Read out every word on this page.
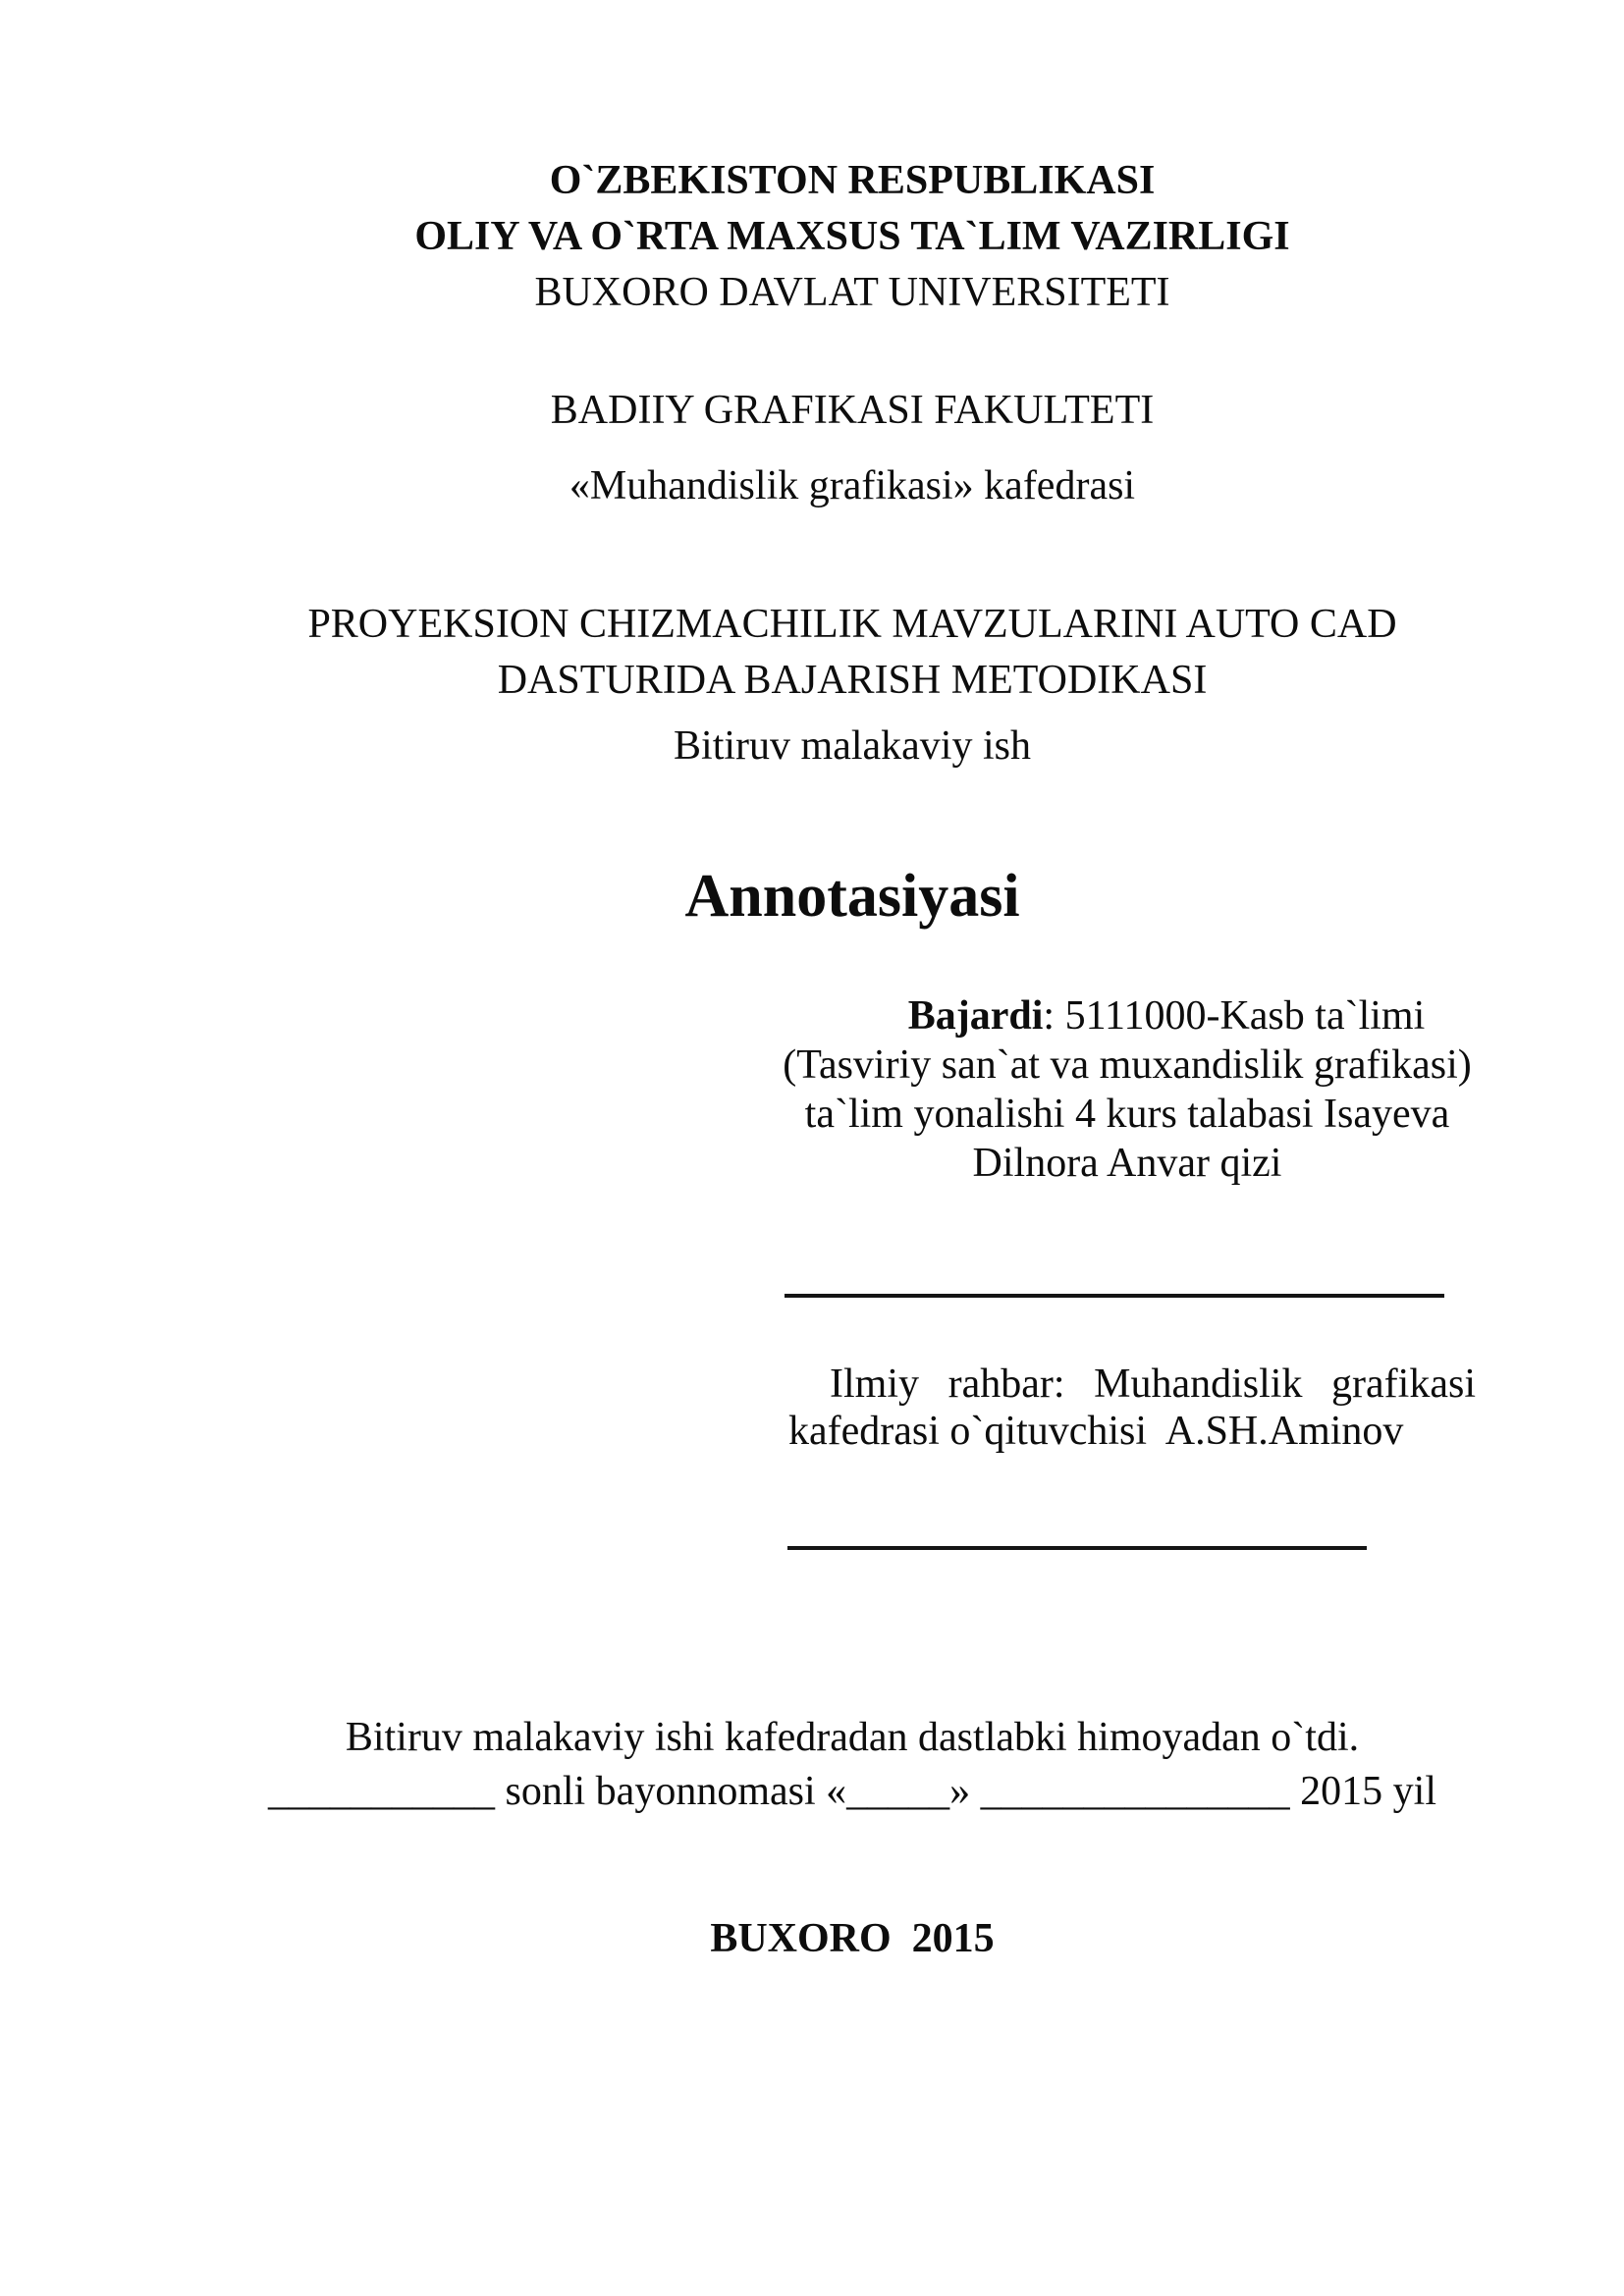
O`ZBEKISTON RESPUBLIKASI
OLIY VA O`RTA MAXSUS TA`LIM VAZIRLIGI
BUXORO DAVLAT UNIVERSITETI
BADIIY GRAFIKASI FAKULTETI
«Muhandislik grafikasi» kafedrasi
PROYEKSION CHIZMACHILIK MAVZULARINI AUTO CAD
DASTURIDA BAJARISH METODIKASI
Bitiruv malakaviy ish
Annotasiyasi
Bajardi: 5111000-Kasb ta`limi
(Tasviriy san`at va muxandislik grafikasi)
ta`lim yonalishi 4 kurs talabasi Isayeva
Dilnora Anvar qizi
Ilmiy rahbar: Muhandislik grafikasi
kafedrasi o`qituvchisi  A.SH.Aminov
Bitiruv malakaviy ishi kafedradan dastlabki himoyadan o`tdi.
___________ sonli bayonnomasi «_____» _______________ 2015 yil
BUXORO  2015
